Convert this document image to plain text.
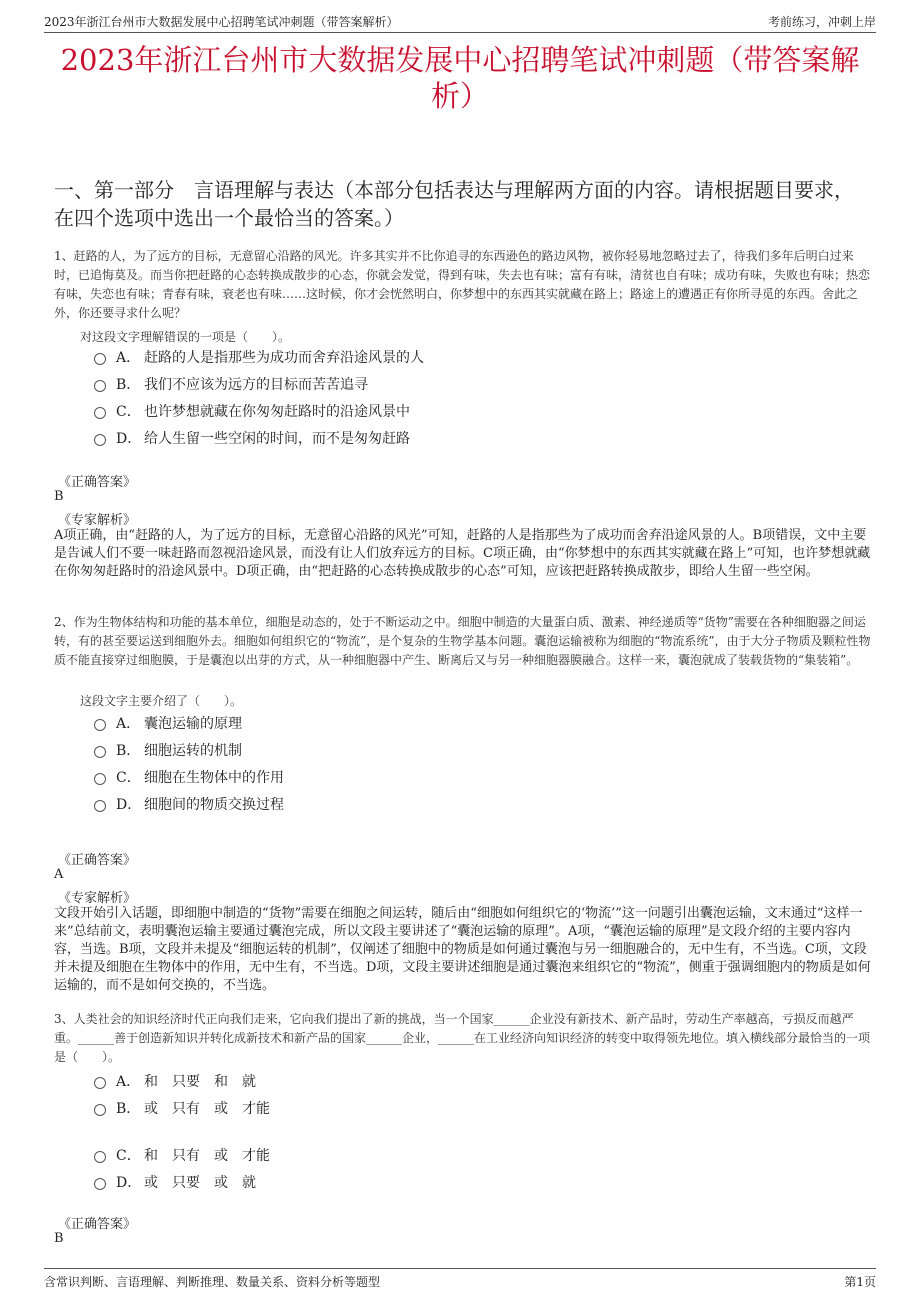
2023年浙江台州市大数据发展中心招聘笔试冲刺题（带答案解析）	考前练习，冲刺上岸
2023年浙江台州市大数据发展中心招聘笔试冲刺题（带答案解析）
一、第一部分　言语理解与表达（本部分包括表达与理解两方面的内容。请根据题目要求，在四个选项中选出一个最恰当的答案。）
1、赶路的人，为了远方的目标，无意留心沿路的风光。许多其实并不比你追寻的东西逊色的路边风物，被你轻易地忽略过去了，待我们多年后明白过来时，已追悔莫及。而当你把赶路的心态转换成散步的心态，你就会发觉，得到有味，失去也有味；富有有味，清贫也自有味；成功有味，失败也有味；热恋有味，失恋也有味；青春有味，衰老也有味……这时候，你才会恍然明白，你梦想中的东西其实就藏在路上；路途上的遭遇正有你所寻觅的东西。舍此之外，你还要寻求什么呢？
对这段文字理解错误的一项是（　　）。
A． 赶路的人是指那些为成功而舍弃沿途风景的人
B． 我们不应该为远方的目标而苦苦追寻
C． 也许梦想就藏在你匆匆赶路时的沿途风景中
D． 给人生留一些空闲的时间，而不是匆匆赶路
《正确答案》
B
《专家解析》
A项正确，由“赶路的人，为了远方的目标，无意留心沿路的风光”可知，赶路的人是指那些为了成功而舍弃沿途风景的人。B项错误，文中主要是告诫人们不要一味赶路而忽视沿途风景，而没有让人们放弃远方的目标。C项正确，由“你梦想中的东西其实就藏在路上”可知，也许梦想就藏在你匆匆赶路时的沿途风景中。D项正确，由“把赶路的心态转换成散步的心态”可知，应该把赶路转换成散步，即给人生留一些空闲。
2、作为生物体结构和功能的基本单位，细胞是动态的，处于不断运动之中。细胞中制造的大量蛋白质、激素、神经递质等“货物”需要在各种细胞器之间运转，有的甚至要运送到细胞外去。细胞如何组织它的“物流”，是个复杂的生物学基本问题。囊泡运输被称为细胞的“物流系统”，由于大分子物质及颗粒性物质不能直接穿过细胞膜，于是囊泡以出芽的方式，从一种细胞器中产生、断离后又与另一种细胞器膜融合。这样一来，囊泡就成了装载货物的“集装箱”。
这段文字主要介绍了（　　）。
A． 囊泡运输的原理
B． 细胞运转的机制
C． 细胞在生物体中的作用
D． 细胞间的物质交换过程
《正确答案》
A
《专家解析》
文段开始引入话题，即细胞中制造的“货物”需要在细胞之间运转，随后由“细胞如何组织它的‘物流’”这一问题引出囊泡运输，文末通过“这样一来”总结前文，表明囊泡运输主要通过囊泡完成，所以文段主要讲述了“囊泡运输的原理”。A项，“囊泡运输的原理”是文段介绍的主要内容内容，当选。B项，文段并未提及“细胞运转的机制”，仅阐述了细胞中的物质是如何通过囊泡与另一细胞融合的，无中生有，不当选。C项，文段并未提及细胞在生物体中的作用，无中生有，不当选。D项，文段主要讲述细胞是通过囊泡来组织它的“物流”，侧重于强调细胞内的物质是如何运输的，而不是如何交换的，不当选。
3、人类社会的知识经济时代正向我们走来，它向我们提出了新的挑战，当一个国家______企业没有新技术、新产品时，劳动生产率越高，亏损反而越严重。______善于创造新知识并转化成新技术和新产品的国家______企业，______在工业经济向知识经济的转变中取得领先地位。填入横线部分最恰当的一项是（　　）。
A． 和　只要　和　就
B． 或　只有　或　才能
C． 和　只有　或　才能
D． 或　只要　或　就
《正确答案》
B
含常识判断、言语理解、判断推理、数量关系、资料分析等题型	第1页
